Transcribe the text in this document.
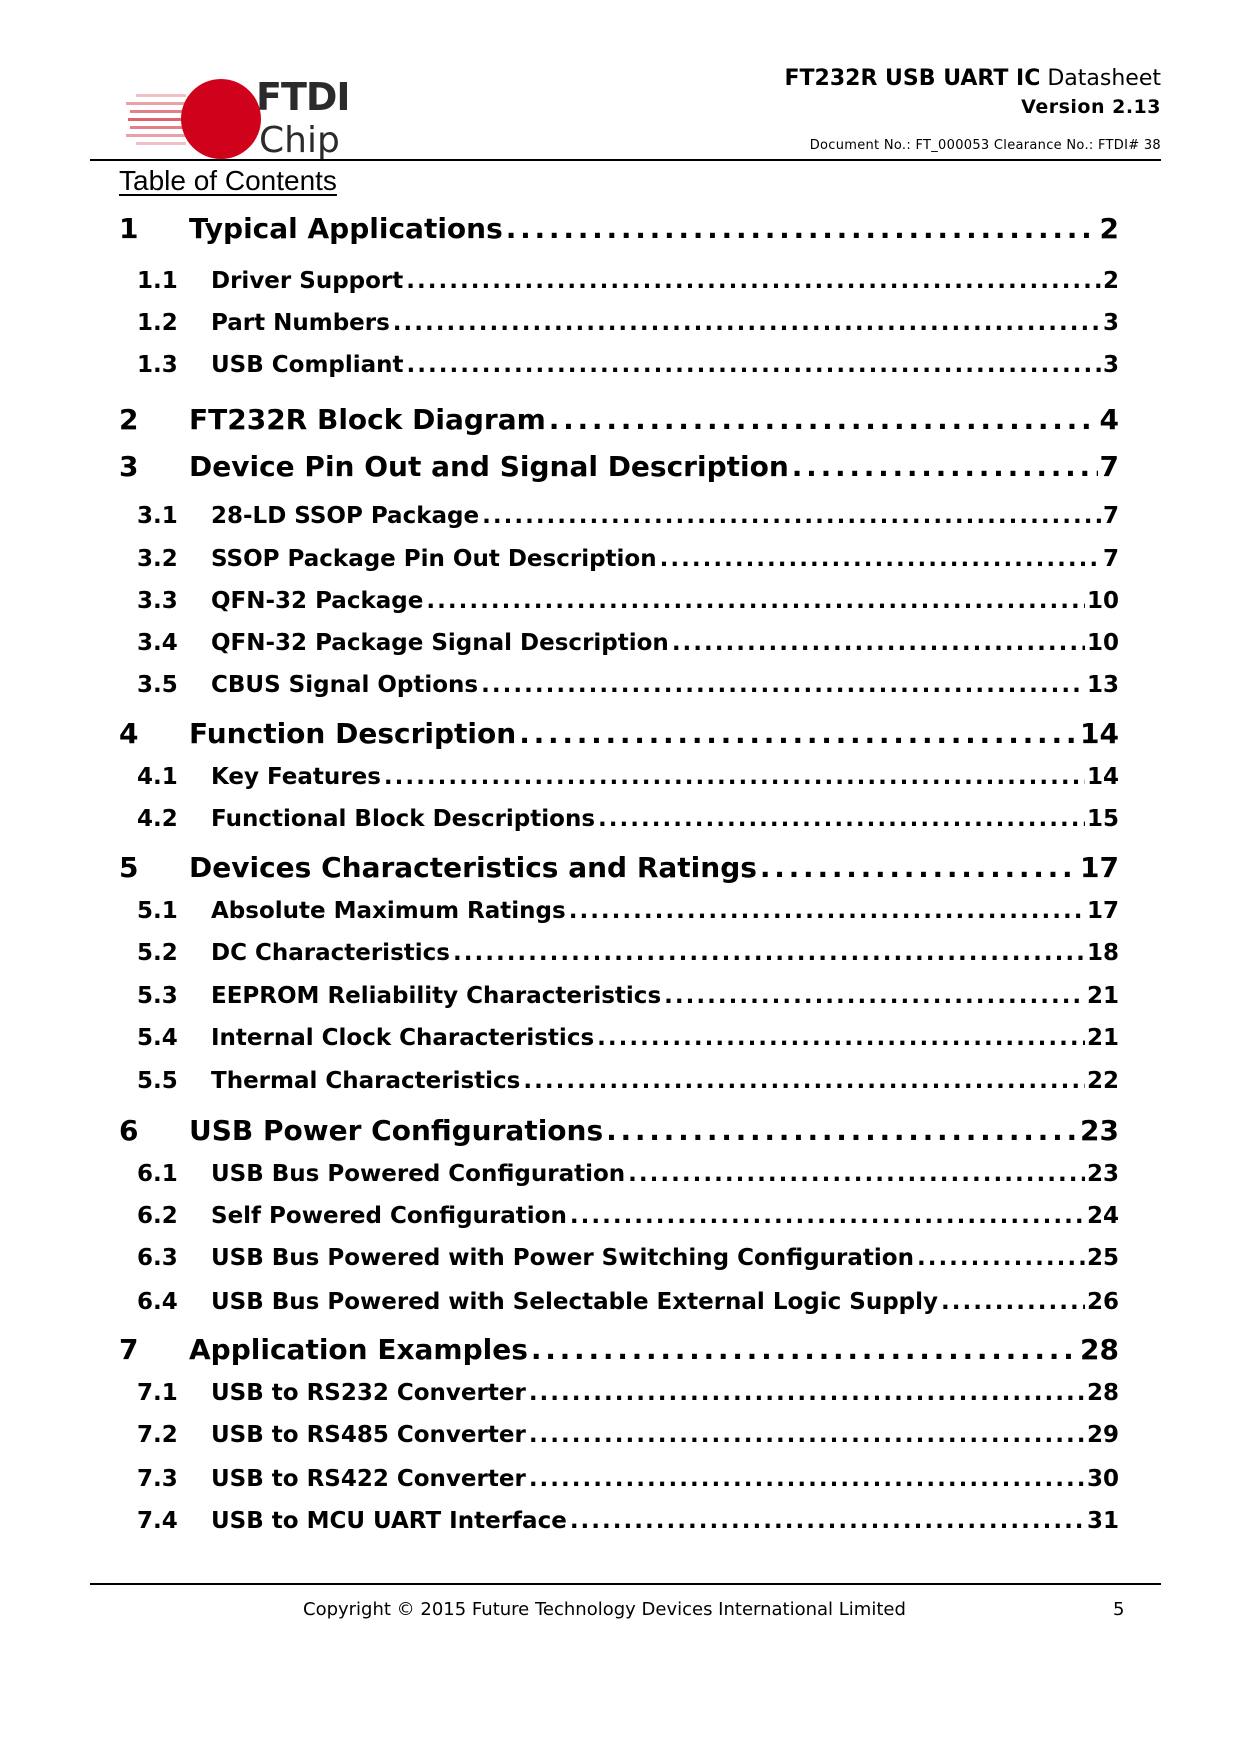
FTDI
Chip
FT232R USB UART IC Datasheet
Version 2.13
Document No.: FT_000053 Clearance No.: FTDI# 38
Table of Contents
1	Typical Applications . . .	2
1.1	Driver Support . . .	2
1.2	Part Numbers . . .	3
1.3	USB Compliant . . .	3
2	FT232R Block Diagram . . .	4
3	Device Pin Out and Signal Description . . .	7
3.1	28-LD SSOP Package . . .	7
3.2	SSOP Package Pin Out Description . . .	7
3.3	QFN-32 Package . . .	10
3.4	QFN-32 Package Signal Description . . .	10
3.5	CBUS Signal Options . . .	13
4	Function Description . . .	14
4.1	Key Features . . .	14
4.2	Functional Block Descriptions . . .	15
5	Devices Characteristics and Ratings . . .	17
5.1	Absolute Maximum Ratings . . .	17
5.2	DC Characteristics . . .	18
5.3	EEPROM Reliability Characteristics . . .	21
5.4	Internal Clock Characteristics . . .	21
5.5	Thermal Characteristics . . .	22
6	USB Power Configurations . . .	23
6.1	USB Bus Powered Configuration . . .	23
6.2	Self Powered Configuration . . .	24
6.3	USB Bus Powered with Power Switching Configuration . . .	25
6.4	USB Bus Powered with Selectable External Logic Supply . . .	26
7	Application Examples . . .	28
7.1	USB to RS232 Converter . . .	28
7.2	USB to RS485 Converter . . .	29
7.3	USB to RS422 Converter . . .	30
7.4	USB to MCU UART Interface . . .	31
Copyright © 2015 Future Technology Devices International Limited	5
